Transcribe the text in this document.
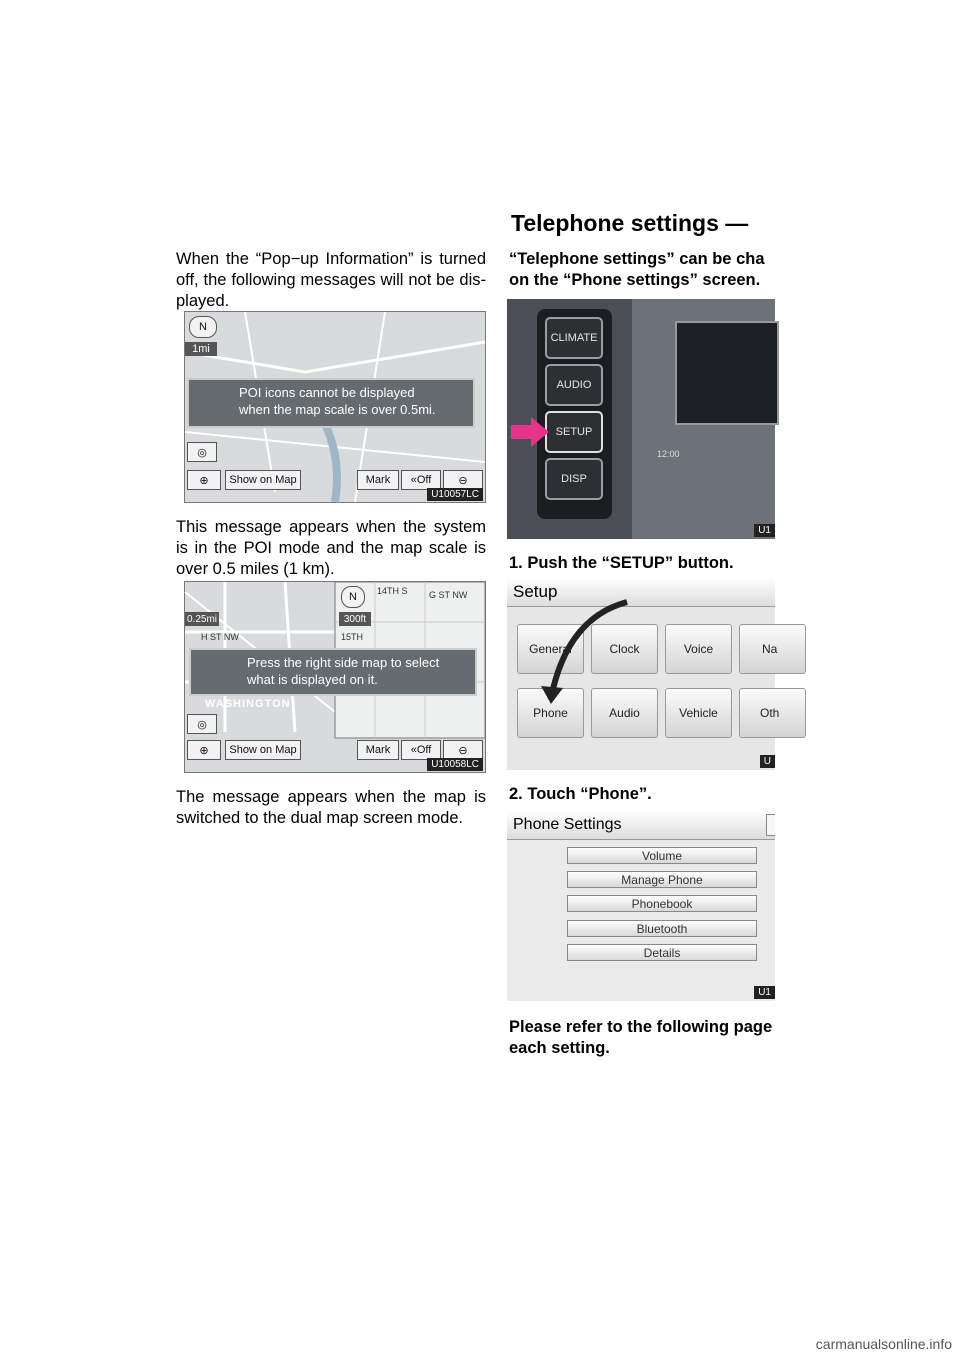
Telephone settings —
When the “Pop−up Information” is turned off, the following messages will not be dis- played.
N
1mi
POI icons cannot be displayed
when the map scale is over 0.5mi.
◎
⊕	Show on Map	Mark	« Off	⊖
U10057LC
This message appears when the system is in the POI mode and the map scale is over 0.5 miles (1 km).
0.25mi
H ST NW
N
300ft
G ST NW
14TH S
15TH
Press the right side map to select
what is displayed on it.
WASHINGTON
◎
⊕	Show on Map	Mark	« Off	⊖
U10058LC
The message appears when the map is switched to the dual map screen mode.
“Telephone settings” can be cha
on the “Phone settings” screen.
CLIMATE
AUDIO
SETUP
DISP
12:00
U1
1. Push the “SETUP” button.
Setup
General	Clock	Voice	Na
Phone	Audio	Vehicle	Oth
U
2. Touch “Phone”.
Phone Settings
Volume
Manage Phone
Phonebook
Bluetooth
Details
U1
Please refer to the following page
each setting.
carmanualsonline.info
